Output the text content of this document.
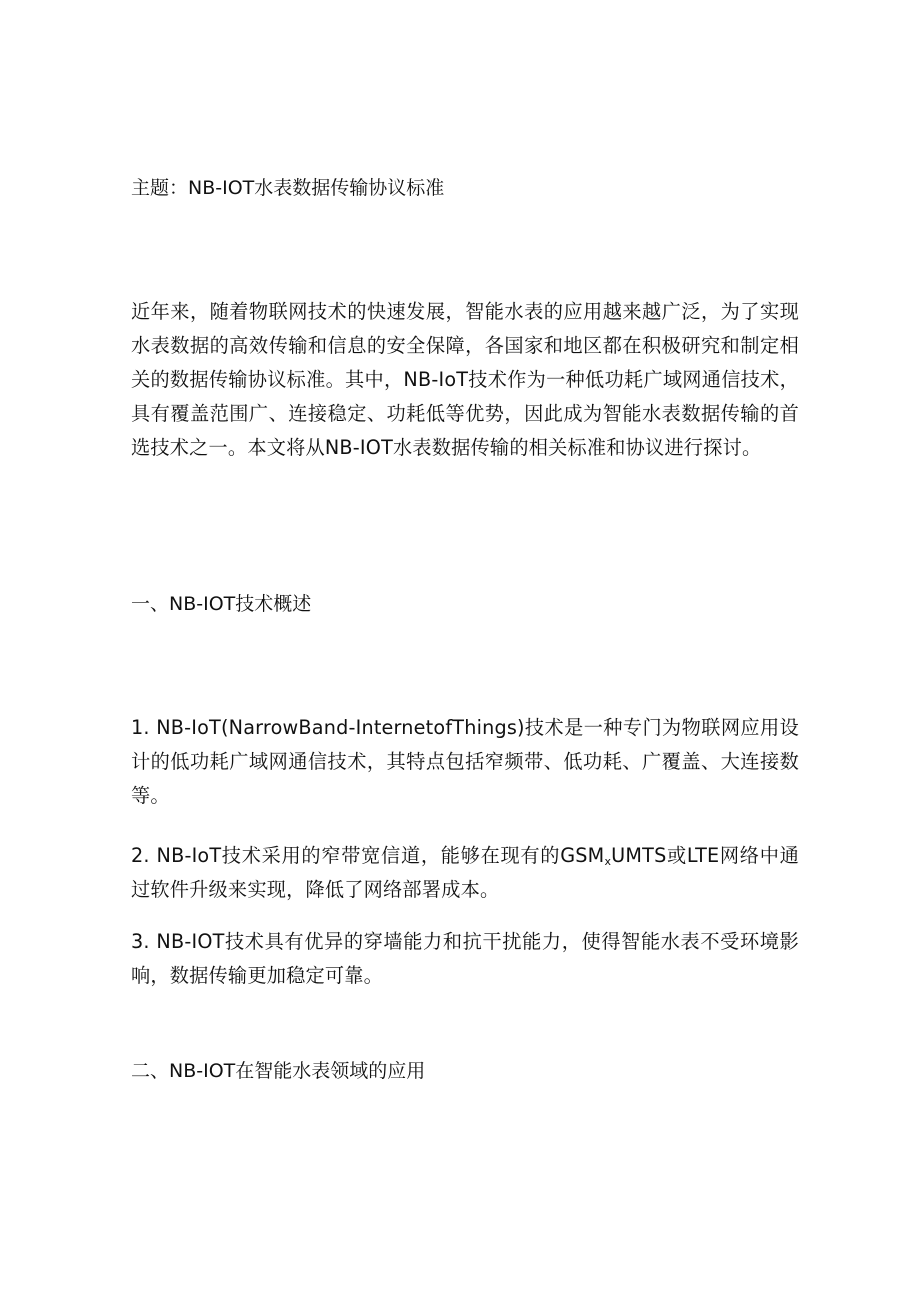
主题：NB-IOT水表数据传输协议标准

近年来，随着物联网技术的快速发展，智能水表的应用越来越广泛，为了实现水表数据的高效传输和信息的安全保障，各国家和地区都在积极研究和制定相关的数据传输协议标准。其中，NB-IoT技术作为一种低功耗广域网通信技术，具有覆盖范围广、连接稳定、功耗低等优势，因此成为智能水表数据传输的首选技术之一。本文将从NB-IOT水表数据传输的相关标准和协议进行探讨。

一、NB-IOT技术概述

1. NB-IoT(NarrowBand-InternetofThings)技术是一种专门为物联网应用设计的低功耗广域网通信技术，其特点包括窄频带、低功耗、广覆盖、大连接数等。

2. NB-IoT技术采用的窄带宽信道，能够在现有的$GSM_xUMTS$或LTE网络中通过软件升级来实现，降低了网络部署成本。

3. NB-IOT技术具有优异的穿墙能力和抗干扰能力，使得智能水表不受环境影响，数据传输更加稳定可靠。

二、NB-IOT在智能水表领域的应用
